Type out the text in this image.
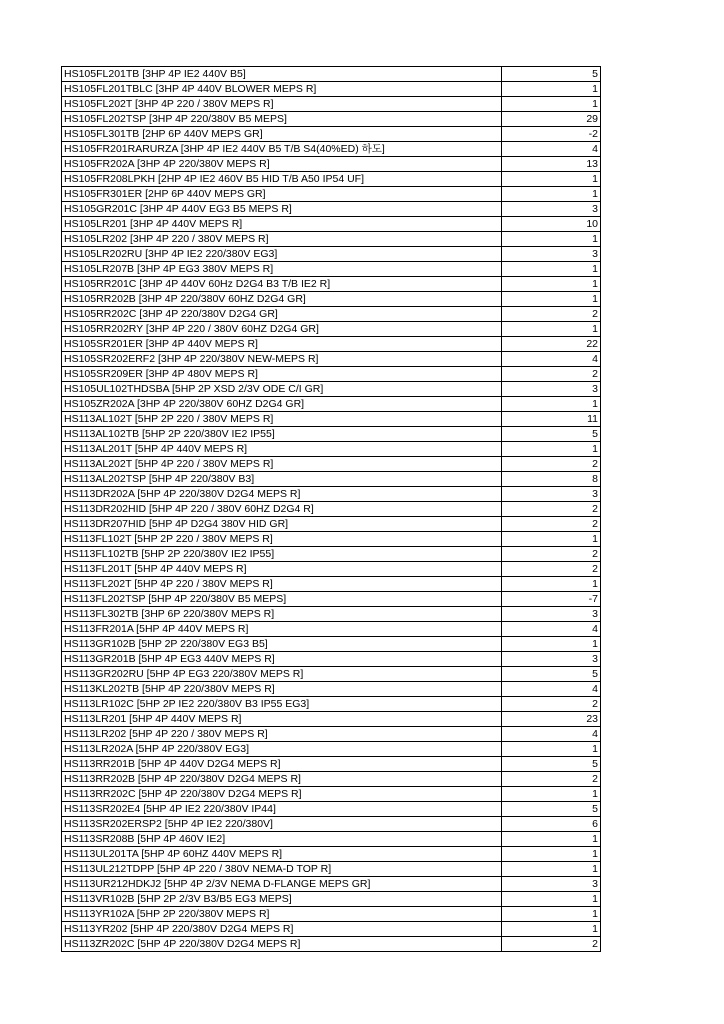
HS105FL201TB [3HP 4P IE2 440V B5]	5
HS105FL201TBLC [3HP 4P 440V BLOWER MEPS R]	1
HS105FL202T [3HP 4P 220 / 380V MEPS R]	1
HS105FL202TSP [3HP 4P 220/380V B5 MEPS]	29
HS105FL301TB [2HP 6P 440V MEPS GR]	-2
HS105FR201RARURZA [3HP 4P IE2 440V B5 T/B S4(40%ED) 하도]	4
HS105FR202A [3HP 4P 220/380V MEPS R]	13
HS105FR208LPKH [2HP 4P IE2 460V B5 HID T/B A50 IP54 UF]	1
HS105FR301ER [2HP 6P 440V MEPS GR]	1
HS105GR201C [3HP 4P 440V EG3 B5 MEPS R]	3
HS105LR201 [3HP 4P 440V MEPS R]	10
HS105LR202 [3HP 4P 220 / 380V MEPS R]	1
HS105LR202RU [3HP 4P IE2 220/380V EG3]	3
HS105LR207B [3HP 4P EG3 380V MEPS R]	1
HS105RR201C [3HP 4P 440V 60Hz D2G4 B3 T/B IE2 R]	1
HS105RR202B [3HP 4P 220/380V 60HZ D2G4 GR]	1
HS105RR202C [3HP 4P 220/380V D2G4 GR]	2
HS105RR202RY [3HP 4P 220 / 380V 60HZ D2G4 GR]	1
HS105SR201ER [3HP 4P 440V MEPS R]	22
HS105SR202ERF2 [3HP 4P 220/380V NEW-MEPS R]	4
HS105SR209ER [3HP 4P 480V MEPS R]	2
HS105UL102THDSBA [5HP 2P XSD 2/3V ODE C/I GR]	3
HS105ZR202A [3HP 4P 220/380V 60HZ D2G4 GR]	1
HS113AL102T [5HP 2P 220 / 380V MEPS R]	11
HS113AL102TB [5HP 2P 220/380V IE2 IP55]	5
HS113AL201T [5HP 4P 440V MEPS R]	1
HS113AL202T [5HP 4P 220 / 380V MEPS R]	2
HS113AL202TSP [5HP 4P 220/380V B3]	8
HS113DR202A [5HP 4P 220/380V D2G4 MEPS R]	3
HS113DR202HID [5HP 4P 220 / 380V 60HZ D2G4 R]	2
HS113DR207HID [5HP 4P D2G4 380V HID GR]	2
HS113FL102T [5HP 2P 220 / 380V MEPS R]	1
HS113FL102TB [5HP 2P 220/380V IE2 IP55]	2
HS113FL201T [5HP 4P 440V MEPS R]	2
HS113FL202T [5HP 4P 220 / 380V MEPS R]	1
HS113FL202TSP [5HP 4P 220/380V B5 MEPS]	-7
HS113FL302TB [3HP 6P 220/380V MEPS R]	3
HS113FR201A [5HP 4P 440V MEPS R]	4
HS113GR102B [5HP 2P 220/380V EG3 B5]	1
HS113GR201B [5HP 4P EG3 440V MEPS R]	3
HS113GR202RU [5HP 4P EG3 220/380V MEPS R]	5
HS113KL202TB [5HP 4P 220/380V MEPS R]	4
HS113LR102C [5HP 2P IE2 220/380V B3 IP55 EG3]	2
HS113LR201 [5HP 4P 440V MEPS R]	23
HS113LR202 [5HP 4P 220 / 380V MEPS R]	4
HS113LR202A [5HP 4P 220/380V EG3]	1
HS113RR201B [5HP 4P 440V D2G4 MEPS R]	5
HS113RR202B [5HP 4P 220/380V D2G4 MEPS R]	2
HS113RR202C [5HP 4P 220/380V D2G4 MEPS R]	1
HS113SR202E4 [5HP 4P IE2 220/380V IP44]	5
HS113SR202ERSP2 [5HP 4P IE2 220/380V]	6
HS113SR208B [5HP 4P 460V IE2]	1
HS113UL201TA [5HP 4P 60HZ 440V MEPS R]	1
HS113UL212TDPP [5HP 4P 220 / 380V NEMA-D TOP R]	1
HS113UR212HDKJ2 [5HP 4P 2/3V NEMA D-FLANGE MEPS GR]	3
HS113VR102B [5HP 2P 2/3V B3/B5 EG3 MEPS]	1
HS113YR102A [5HP 2P 220/380V MEPS R]	1
HS113YR202 [5HP 4P 220/380V D2G4 MEPS R]	1
HS113ZR202C [5HP 4P 220/380V D2G4 MEPS R]	2
